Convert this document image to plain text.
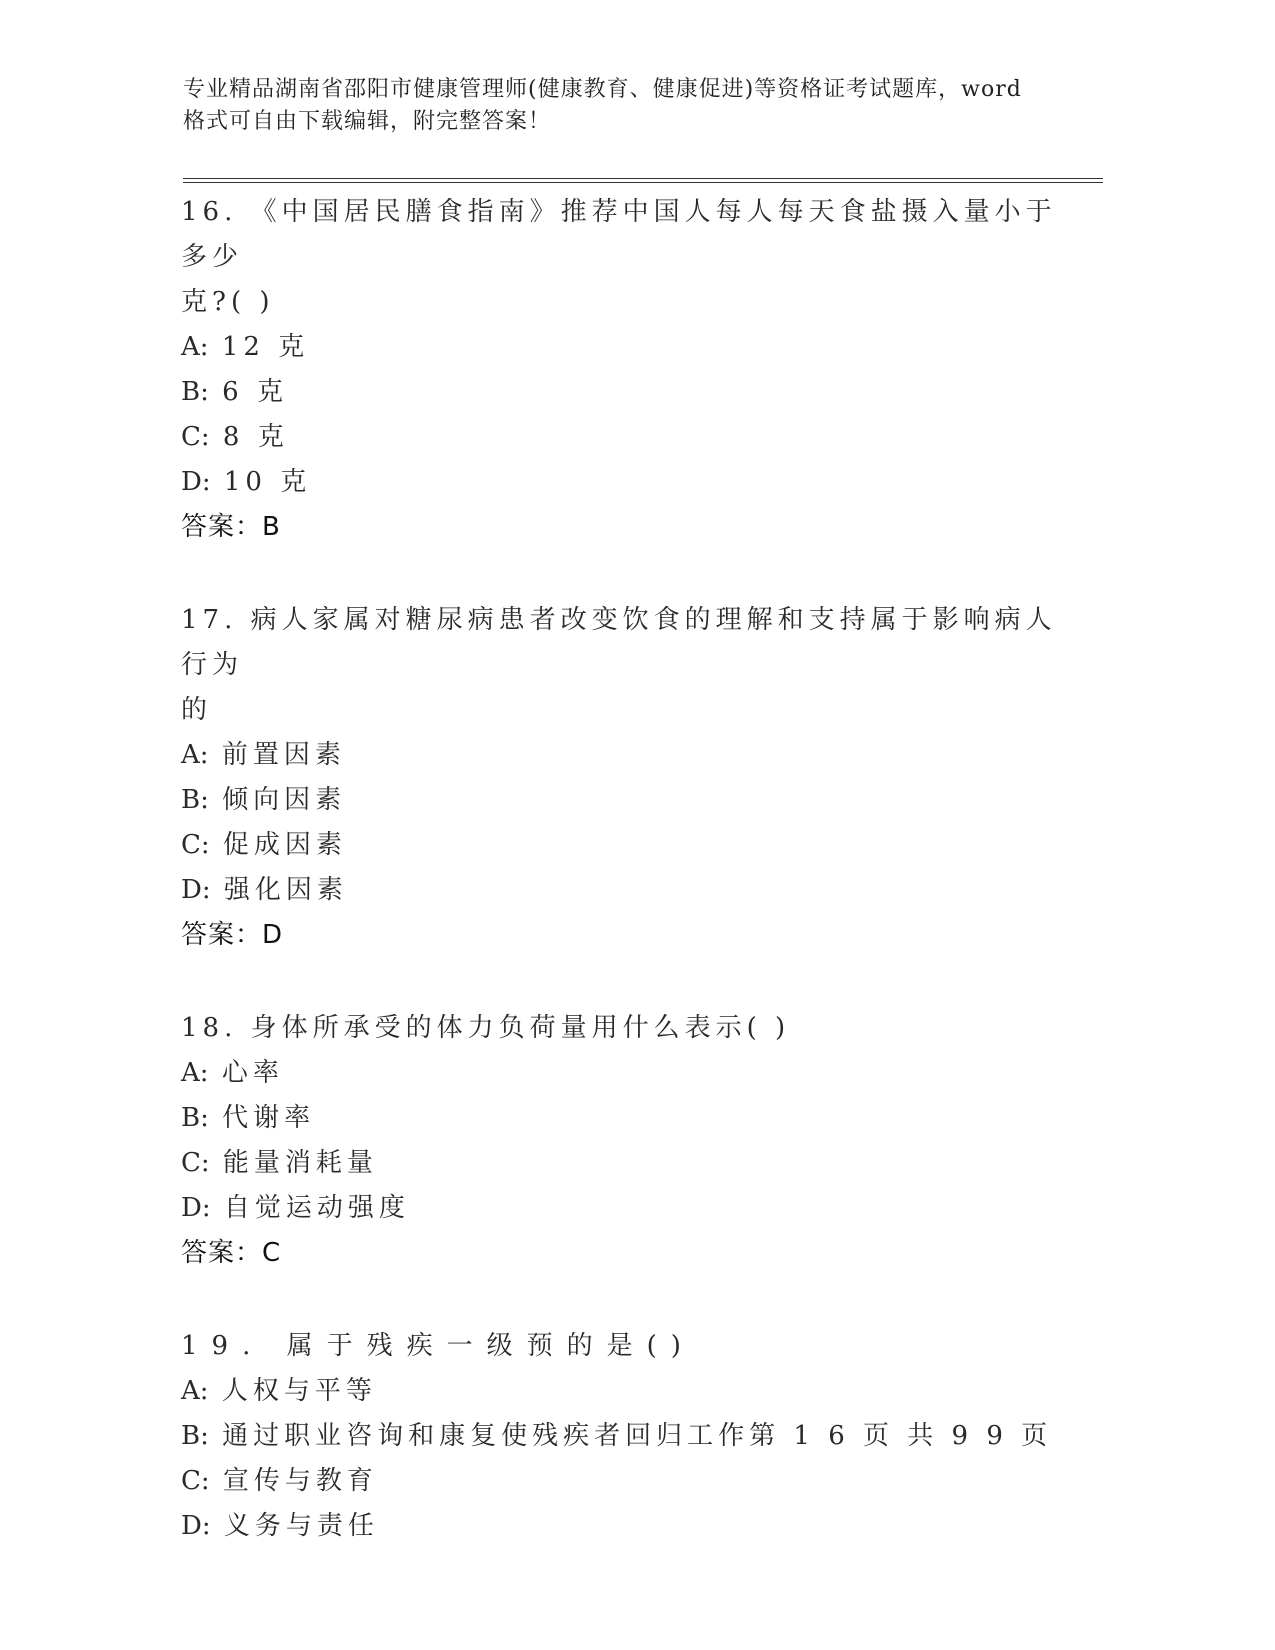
专业精品湖南省邵阳市健康管理师(健康教育、健康促进)等资格证考试题库，word
格式可自由下载编辑，附完整答案！

16. 《中国居民膳食指南》推荐中国人每人每天食盐摄入量小于多少

克?( )

A: 12 克

B: 6 克

C: 8 克

D: 10 克

答案：B

17. 病人家属对糖尿病患者改变饮食的理解和支持属于影响病人行为

的

A: 前置因素

B: 倾向因素

C: 促成因素

D: 强化因素

答案：D

18. 身体所承受的体力负荷量用什么表示( )

A: 心率

B: 代谢率

C: 能量消耗量

D: 自觉运动强度

答案：C

19. 属于残疾一级预的是()

A: 人权与平等

B: 通过职业咨询和康复使残疾者回归工作第 1 6 页 共 9 9 页

C: 宣传与教育

D: 义务与责任
